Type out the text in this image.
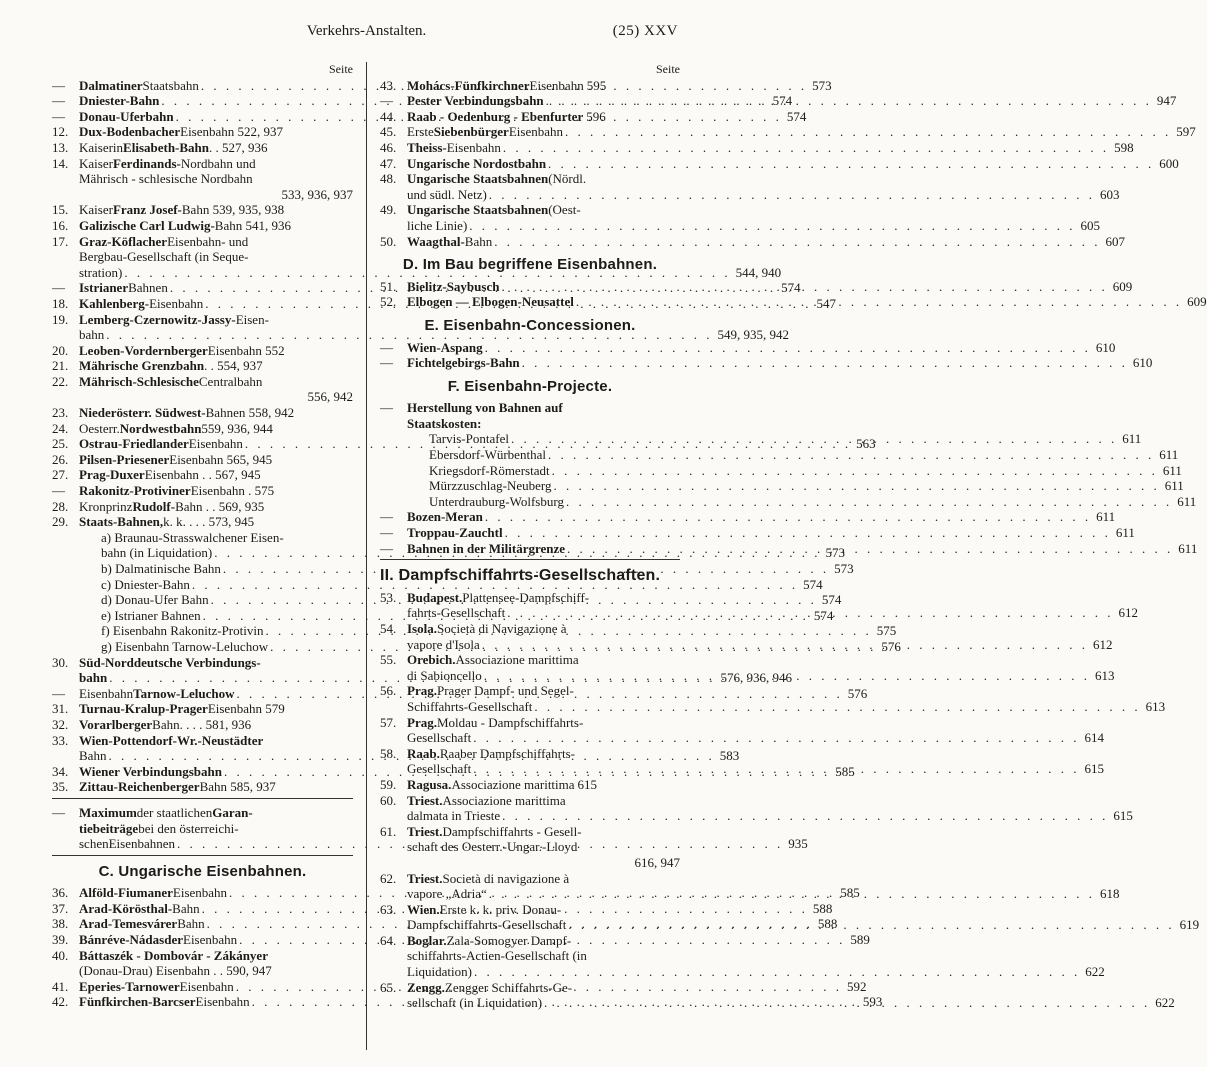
Verkehrs-Anstalten.	(25) XXV
Seite
—	Dalmatiner Staatsbahn . . .	573
—	Dniester-Bahn . . .	574
—	Donau-Uferbahn . . .	574
12. Dux-Bodenbacher Eisenbahn 522, 937
13. Kaiserin Elisabeth-Bahn . . 527, 936
14. Kaiser Ferdinands- Nordbahn und
Mährisch - schlesische Nordbahn
533, 936, 937
15. Kaiser Franz Josef- Bahn 539, 935, 938
16. Galizische Carl Ludwig- Bahn 541, 936
17. Graz-Köflacher Eisenbahn- und
Bergbau-Gesellschaft (in Seque-
stration) . . .	544, 940
—	Istrianer Bahnen . . .	574
18. Kahlenberg- Eisenbahn . . .	547
19. Lemberg-Czernowitz-Jassy- Eisen-
bahn . . .	549, 935, 942
20. Leoben-Vordernberger Eisenbahn 552
21. Mährische Grenzbahn . . 554, 937
22. Mährisch-Schlesische Centralbahn
556, 942
23. Niederösterr. Südwest- Bahnen 558, 942
24. Oesterr. Nordwestbahn 559, 936, 944
25. Ostrau-Friedlander Eisenbahn . . .	563
26. Pilsen-Priesener Eisenbahn 565, 945
27. Prag-Duxer Eisenbahn . . 567, 945
—	Rakonitz-Protiviner Eisenbahn . 575
28. Kronprinz Rudolf- Bahn . . 569, 935
29. Staats-Bahnen, k. k. . . . 573, 945
a) Braunau-Strasswalchener Eisen-
bahn (in Liquidation) . . .	573
b) Dalmatinische Bahn . . .	573
c) Dniester-Bahn . . .	574
d) Donau-Ufer Bahn . . .	574
e) Istrianer Bahnen . . .	574
f) Eisenbahn Rakonitz-Protivin . . .	575
g) Eisenbahn Tarnow-Leluchow . . .	576
30. Süd-Norddeutsche Verbindungs-
bahn . . .	576, 936, 946
—	Eisenbahn Tarnow-Leluchow . . .	576
31. Turnau-Kralup-Prager Eisenbahn 579
32. Vorarlberger Bahn. . . . 581, 936
33. Wien-Pottendorf-Wr.-Neustädter
Bahn . . .	583
34. Wiener Verbindungsbahn . . .	585
35. Zittau-Reichenberger Bahn 585, 937
—	Maximum der staatlichen Garan-
tiebeiträge bei den österreichi-
schenEisenbahnen . . .	935
C. Ungarische Eisenbahnen.
36. Alföld-Fiumaner Eisenbahn . . .	585
37. Arad-Körösthal- Bahn . . .	588
38. Arad-Temesvárer Bahn . . .	588
39. Bánréve-Nádasder Eisenbahn . . .	589
40. Báttaszék - Dombovár - Zákányer
(Donau-Drau) Eisenbahn . . 590, 947
41. Eperies-Tarnower Eisenbahn . . .	592
42. Fünfkirchen-Barcser Eisenbahn . . .	593
Seite
43. Mohács-Fünfkirchner Eisenbahn 595
—	Pester Verbindungsbahn . . .	947
44. Raab - Oedenburg - Ebenfurter 596
45. Erste Siebenbürger Eisenbahn . . .	597
46. Theiss- Eisenbahn . . .	598
47. Ungarische Nordostbahn . . .	600
48. Ungarische Staatsbahnen (Nördl.
und südl. Netz) . . .	603
49. Ungarische Staatsbahnen (Oest-
liche Linie) . . .	605
50. Waagthal- Bahn . . .	607
D. Im Bau begriffene Eisenbahnen.
51. Bielitz-Saybusch . . .	609
52. Elbogen — Elbogen-Neusattel . . .	609
E. Eisenbahn-Concessionen.
—	Wien-Aspang . . .	610
—	Fichtelgebirgs-Bahn . . .	610
F. Eisenbahn-Projecte.
—	Herstellung von Bahnen auf
Staatskosten:
Tarvis-Pontafel . . .	611
Ebersdorf-Würbenthal . . .	611
Kriegsdorf-Römerstadt . . .	611
Mürzzuschlag-Neuberg . . .	611
Unterdrauburg-Wolfsburg . . .	611
—	Bozen-Meran . . .	611
—	Troppau-Zauchtl . . .	611
—	Bahnen in der Militärgrenze . . .	611
II. Dampfschiffahrts-Gesellschaften.
53. Budapest. Plattensee-Dampfschiff-
fahrts-Gesellschaft . . .	612
54. Isola. Società di Navigazione à
vapore d'Isola . . .	612
55. Orebich. Associazione marittima
di Sabioncello . . .	613
56. Prag. Prager Dampf- und Segel-
Schiffahrts-Gesellschaft . . .	613
57. Prag. Moldau - Dampfschiffahrts-
Gesellschaft . . .	614
58. Raab. Raaber Dampfschiffahrts-
Gesellschaft . . .	615
59. Ragusa. Associazione marittima 615
60. Triest. Associazione marittima
dalmata in Trieste . . .	615
61. Triest. Dampfschiffahrts - Gesell-
schaft des Oesterr.-Ungar.-Lloyd
616, 947
62. Triest. Società di navigazione à
vapore „Adria“ . . .	618
63. Wien. Erste k. k. priv. Donau-
Dampfschiffahrts-Gesellschaft . . .	619
64. Boglar. Zala-Somogyer Dampf-
schiffahrts-Actien-Gesellschaft (in
Liquidation) . . .	622
65. Zengg. Zengger Schiffahrts-Ge-
sellschaft (in Liquidation) . . .	622
